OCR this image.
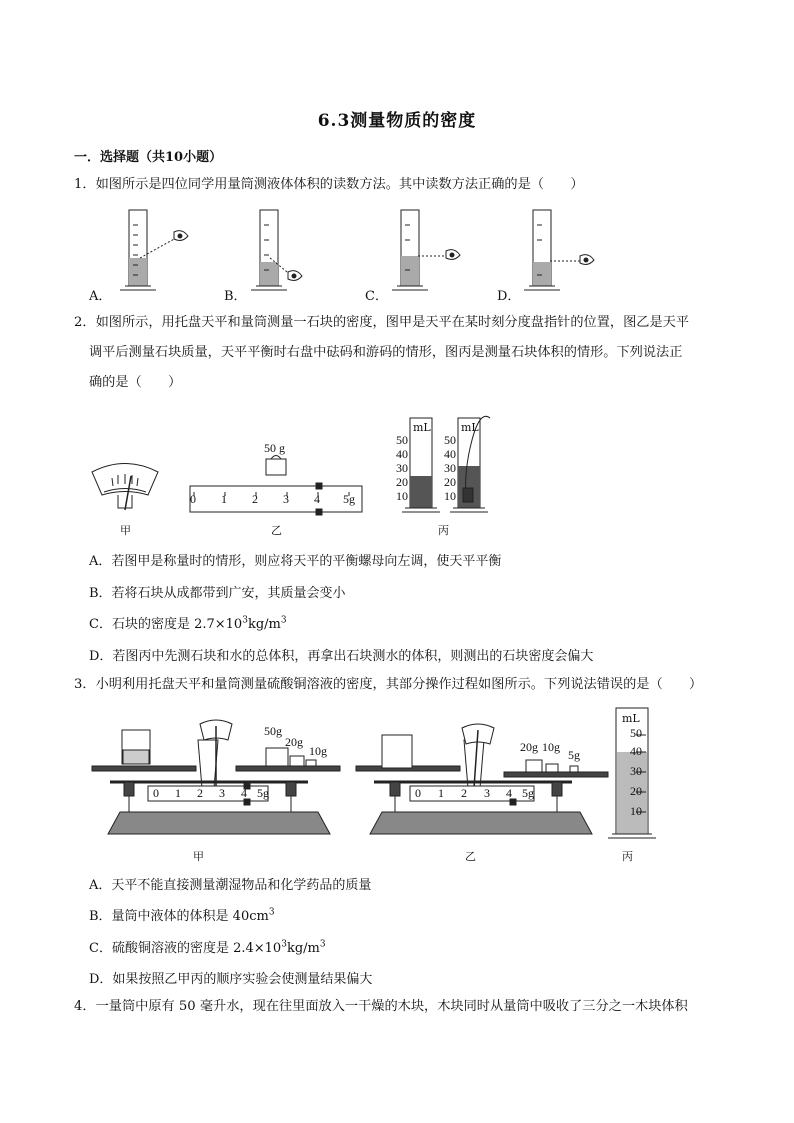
6.3测量物质的密度
一．选择题（共10小题）
1．如图所示是四位同学用量筒测液体体积的读数方法。其中读数方法正确的是（　　）
A．	B．	C．	D．
2．如图所示，用托盘天平和量筒测量一石块的密度，图甲是天平在某时刻分度盘指针的位置，图乙是天平
调平后测量石块质量，天平平衡时右盘中砝码和游码的情形，图丙是测量石块体积的情形。下列说法正
确的是（　　）
50 g
0 1 2 3 4 5g
mL
50
40
30
20
10
mL
50
40
30
20
10
甲	乙	丙
A．若图甲是称量时的情形，则应将天平的平衡螺母向左调，使天平平衡
B．若将石块从成都带到广安，其质量会变小
C．石块的密度是 $2.7\times 10^3kg/m^3$
D．若图丙中先测石块和水的总体积，再拿出石块测水的体积，则测出的石块密度会偏大
3．小明利用托盘天平和量筒测量硫酸铜溶液的密度，其部分操作过程如图所示。下列说法错误的是（　　）
50g
20g
10g	20g 10g
5g
0 1 2 3 4 5g	0 1 2 3 4 5g
mL
50
40
30
20
10
甲	乙	丙
A．天平不能直接测量潮湿物品和化学药品的质量
B．量筒中液体的体积是 $40cm^3$
C．硫酸铜溶液的密度是 $2.4\times 10^3kg/m^3$
D．如果按照乙甲丙的顺序实验会使测量结果偏大
4．一量筒中原有 50 毫升水，现在往里面放入一干燥的木块，木块同时从量筒中吸收了三分之一木块体积
